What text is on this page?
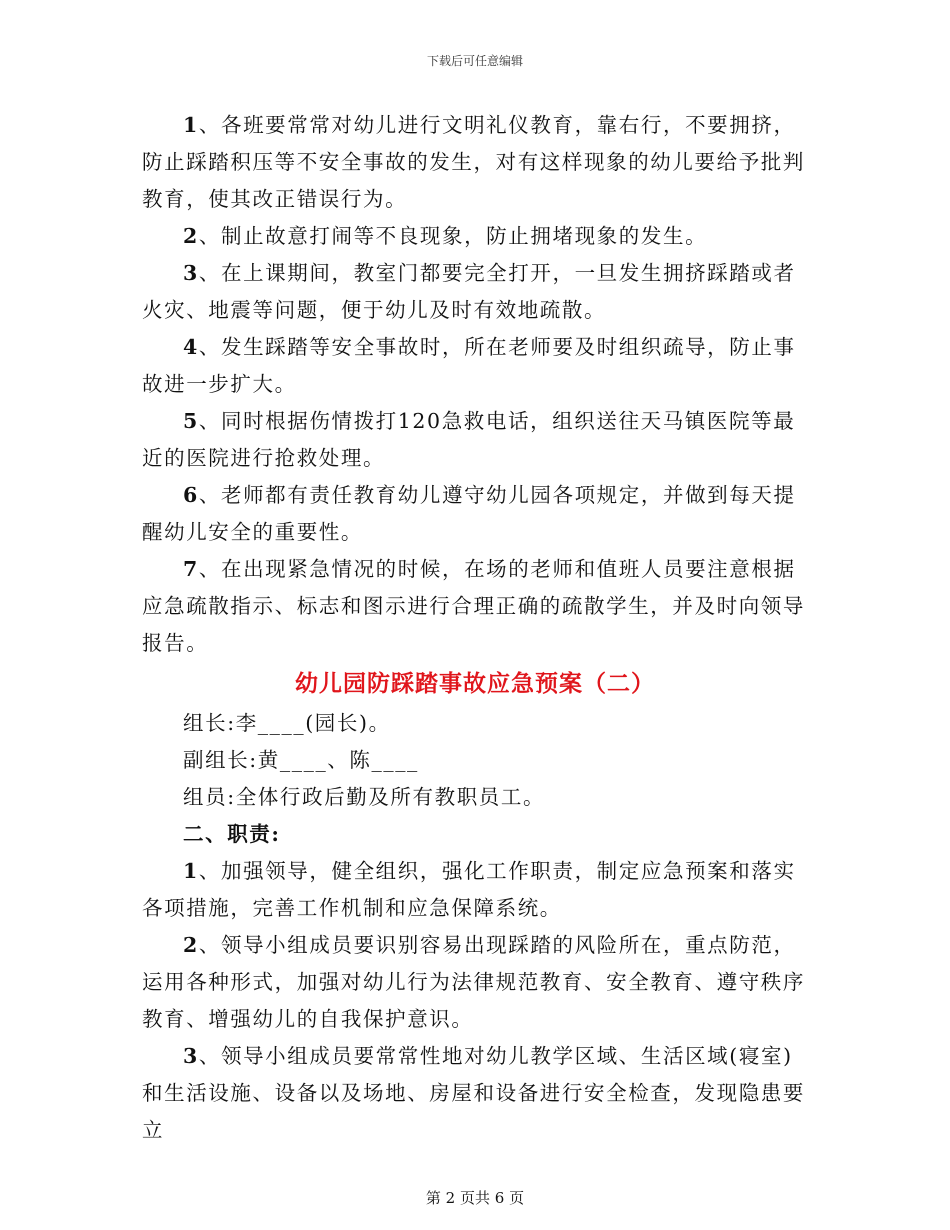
下载后可任意编辑

1、各班要常常对幼儿进行文明礼仪教育，靠右行，不要拥挤，防止踩踏积压等不安全事故的发生，对有这样现象的幼儿要给予批判教育，使其改正错误行为。

2、制止故意打闹等不良现象，防止拥堵现象的发生。

3、在上课期间，教室门都要完全打开，一旦发生拥挤踩踏或者火灾、地震等问题，便于幼儿及时有效地疏散。

4、发生踩踏等安全事故时，所在老师要及时组织疏导，防止事故进一步扩大。

5、同时根据伤情拨打120急救电话，组织送往天马镇医院等最近的医院进行抢救处理。

6、老师都有责任教育幼儿遵守幼儿园各项规定，并做到每天提醒幼儿安全的重要性。

7、在出现紧急情况的时候，在场的老师和值班人员要注意根据应急疏散指示、标志和图示进行合理正确的疏散学生，并及时向领导报告。

幼儿园防踩踏事故应急预案（二）

组长:李____(园长)。

副组长:黄____、陈____

组员:全体行政后勤及所有教职员工。

二、职责:

1、加强领导，健全组织，强化工作职责，制定应急预案和落实各项措施，完善工作机制和应急保障系统。

2、领导小组成员要识别容易出现踩踏的风险所在，重点防范，运用各种形式，加强对幼儿行为法律规范教育、安全教育、遵守秩序教育、增强幼儿的自我保护意识。

3、领导小组成员要常常性地对幼儿教学区域、生活区域(寝室)和生活设施、设备以及场地、房屋和设备进行安全检查，发现隐患要立

第 2 页共 6 页
